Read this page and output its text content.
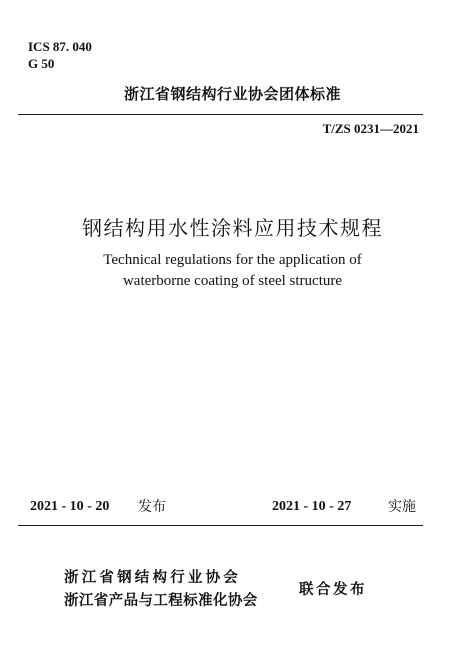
ICS 87. 040
G 50
浙江省钢结构行业协会团体标准
T/ZS 0231—2021
钢结构用水性涂料应用技术规程
Technical regulations for the application of
waterborne coating of steel structure
2021 - 10 - 20 发布	2021 - 10 - 27	实施
浙江省钢结构行业协会
浙江省产品与工程标准化协会
联合发布
